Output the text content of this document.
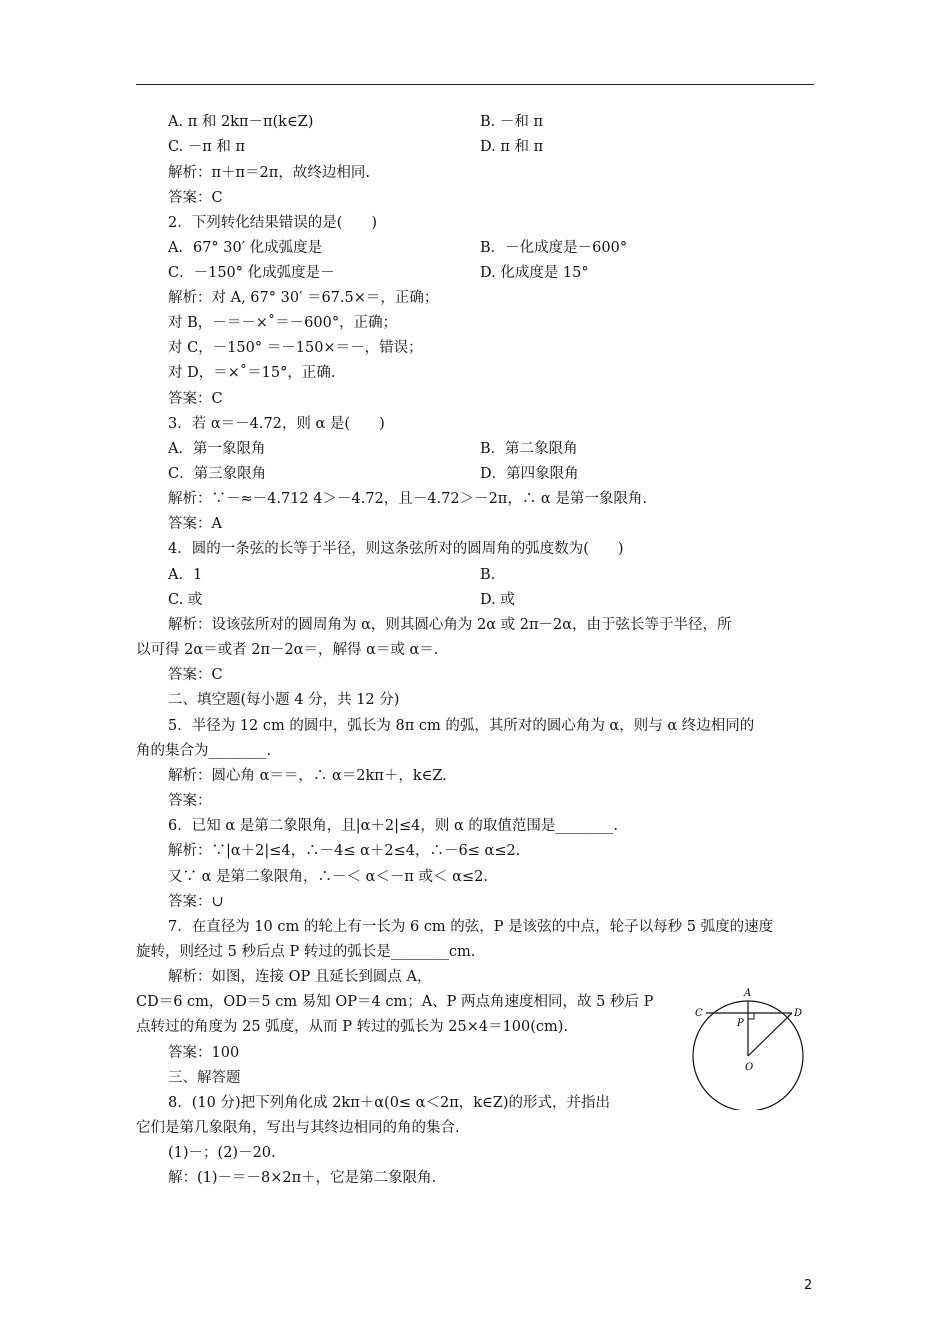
A. π 和 2kπ－π(k∈Z)	B. －和 π
C. －π 和 π	D. π 和 π
解析：π＋π＝2π，故终边相同.
答案：C
2．下列转化结果错误的是(　　)
A．67° 30′ 化成弧度是	B．－化成度是－600°
C．－150° 化成弧度是－	D. 化成度是 15°
解析：对 A, 67° 30′ ＝67.5×＝，正确；
对 B，－＝－×˚＝－600°，正确；
对 C，－150° ＝－150×＝－，错误；
对 D，＝×˚＝15°，正确.
答案：C
3．若 α＝－4.72，则 α 是(　　)
A．第一象限角	B．第二象限角
C．第三象限角	D．第四象限角
解析：∵－≈－4.712 4＞－4.72，且－4.72＞－2π，∴ α 是第一象限角.
答案：A
4．圆的一条弦的长等于半径，则这条弦所对的圆周角的弧度数为(　　)
A．1	B.
C. 或	D. 或
解析：设该弦所对的圆周角为 α，则其圆心角为 2α 或 2π－2α，由于弦长等于半径，所
以可得 2α＝或者 2π－2α＝，解得 α＝或 α＝.
答案：C
二、填空题(每小题 4 分，共 12 分)
5．半径为 12 cm 的圆中，弧长为 8π cm 的弧，其所对的圆心角为 α，则与 α 终边相同的
角的集合为________.
解析：圆心角 α＝＝，∴ α＝2kπ＋，k∈Z.
答案：
6．已知 α 是第二象限角，且|α＋2|≤4，则 α 的取值范围是________.
解析：∵|α＋2|≤4，∴－4≤ α＋2≤4，∴－6≤ α≤2.
又∵ α 是第二象限角，∴－＜ α＜－π 或＜ α≤2.
答案：∪
7．在直径为 10 cm 的轮上有一长为 6 cm 的弦，P 是该弦的中点，轮子以每秒 5 弧度的速度
旋转，则经过 5 秒后点 P 转过的弧长是________cm.
解析：如图，连接 OP 且延长到圆点 A，
CD＝6 cm，OD＝5 cm 易知 OP＝4 cm；A、P 两点角速度相同，故 5 秒后 P
点转过的角度为 25 弧度，从而 P 转过的弧长为 25×4＝100(cm).
答案：100
三、解答题
8．(10 分)把下列角化成 2kπ＋α(0≤ α＜2π，k∈Z)的形式，并指出
它们是第几象限角，写出与其终边相同的角的集合.
(1)－；(2)－20.
解：(1)－＝－8×2π＋，它是第二象限角.
A
C	D
P
O
2
